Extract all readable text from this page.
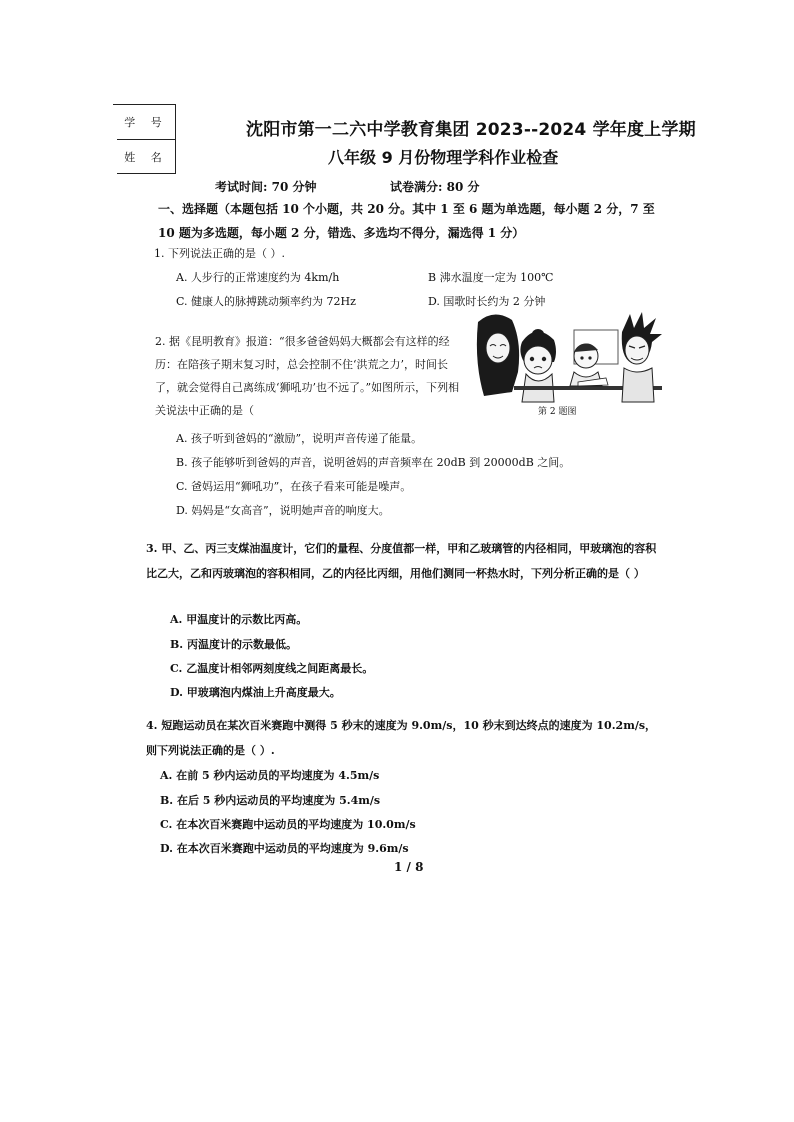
学 号
姓 名
沈阳市第一二六中学教育集团 2023--2024 学年度上学期
八年级 9 月份物理学科作业检查
考试时间: 70 分钟	试卷满分: 80 分
一、选择题（本题包括 10 个小题，共 20 分。其中 1 至 6 题为单选题，每小题 2 分，7 至 10 题为多选题，每小题 2 分，错选、多选均不得分，漏选得 1 分）
1. 下列说法正确的是（ ）.
A. 人步行的正常速度约为 4km/h	B 沸水温度一定为 100℃
C. 健康人的脉搏跳动频率约为 72Hz	D. 国歌时长约为 2 分钟
2. 据《昆明教育》报道：“很多爸爸妈妈大概都会有这样的经历：在陪孩子期末复习时，总会控制不住‘洪荒之力’，时间长了，就会觉得自己离练成‘狮吼功’也不远了。”如图所示，下列相关说法中正确的是（	第 2 题图
A. 孩子听到爸妈的“激励”，说明声音传递了能量。
B. 孩子能够听到爸妈的声音，说明爸妈的声音频率在 20dB 到 20000dB 之间。
C. 爸妈运用“狮吼功”，在孩子看来可能是噪声。
D. 妈妈是“女高音”，说明她声音的响度大。
3. 甲、乙、丙三支煤油温度计，它们的量程、分度值都一样，甲和乙玻璃管的内径相同，甲玻璃泡的容积比乙大，乙和丙玻璃泡的容积相同，乙的内径比丙细，用他们测同一杯热水时，下列分析正确的是（ ）
A. 甲温度计的示数比丙高。
B. 丙温度计的示数最低。
C. 乙温度计相邻两刻度线之间距离最长。
D. 甲玻璃泡内煤油上升高度最大。
4. 短跑运动员在某次百米赛跑中测得 5 秒末的速度为 9.0m/s，10 秒末到达终点的速度为 10.2m/s，则下列说法正确的是（ ）.
A. 在前 5 秒内运动员的平均速度为 4.5m/s
B. 在后 5 秒内运动员的平均速度为 5.4m/s
C. 在本次百米赛跑中运动员的平均速度为 10.0m/s
D. 在本次百米赛跑中运动员的平均速度为 9.6m/s
1 / 8
